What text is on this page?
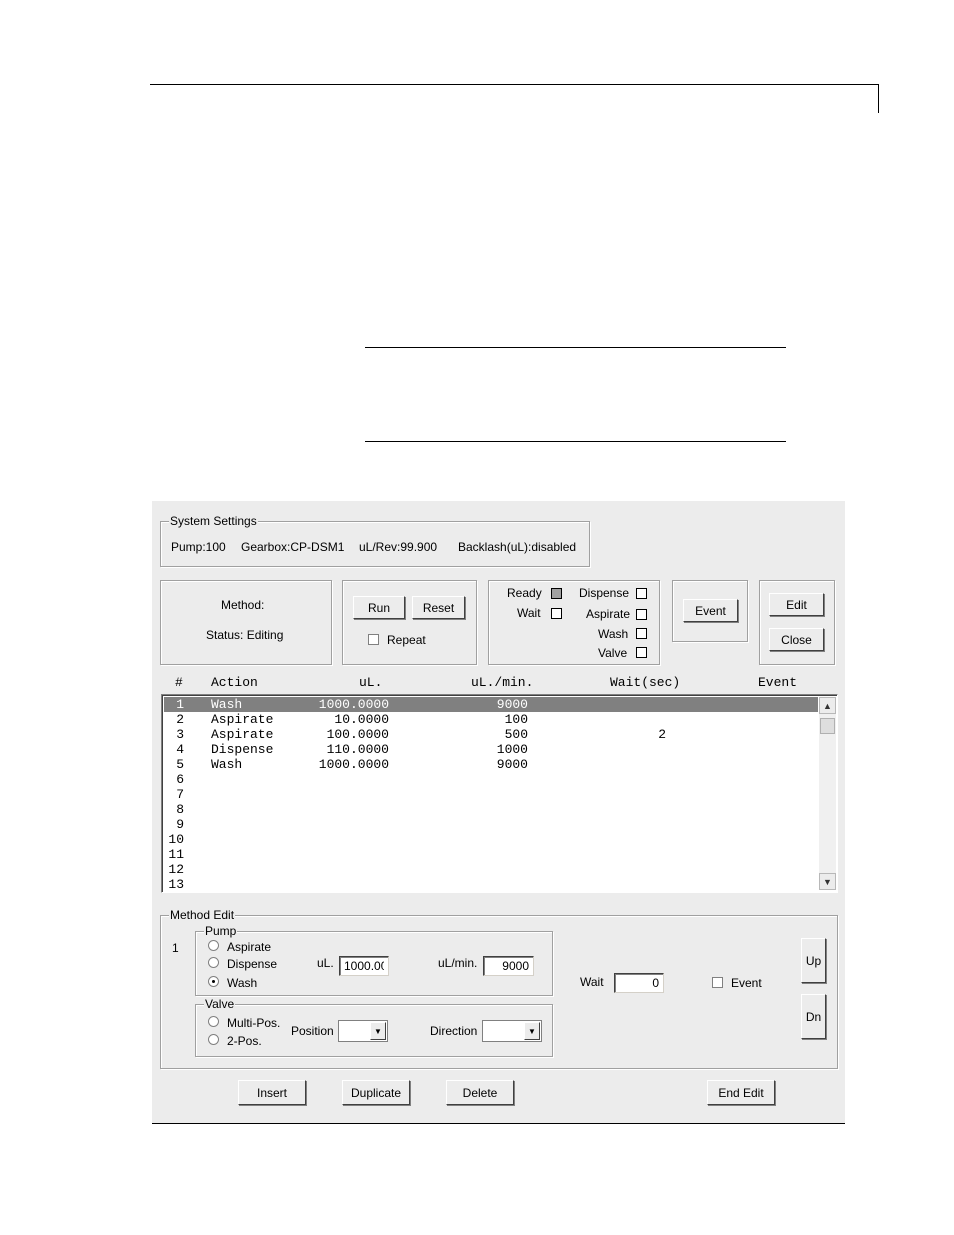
System Settings
Pump:100 Gearbox:CP-DSM1 uL/Rev:99.900 Backlash(uL):disabled
Method:
Status: Editing
Run	Reset
Repeat
Ready
Wait
Dispense
Aspirate
Wash
Valve
Event	Edit
Close
# Action	uL.	uL./min.	Wait(sec)	Event
1 Wash	1000.0000	9000
2 Aspirate	10.0000	100
3 Aspirate	100.0000	500	2
4 Dispense	110.0000	1000
5 Wash	1000.0000	9000
6
7
8
9
10
11
12
13
▲
▼
Method Edit
1
Pump
Aspirate
Dispense
Wash
uL.
1000.00	uL/min.
9000
Wait
0	Event
Valve
Multi-Pos.
2-Pos.
Position	▼	Direction	▼
Up
Dn
Insert	Duplicate	Delete	End Edit
